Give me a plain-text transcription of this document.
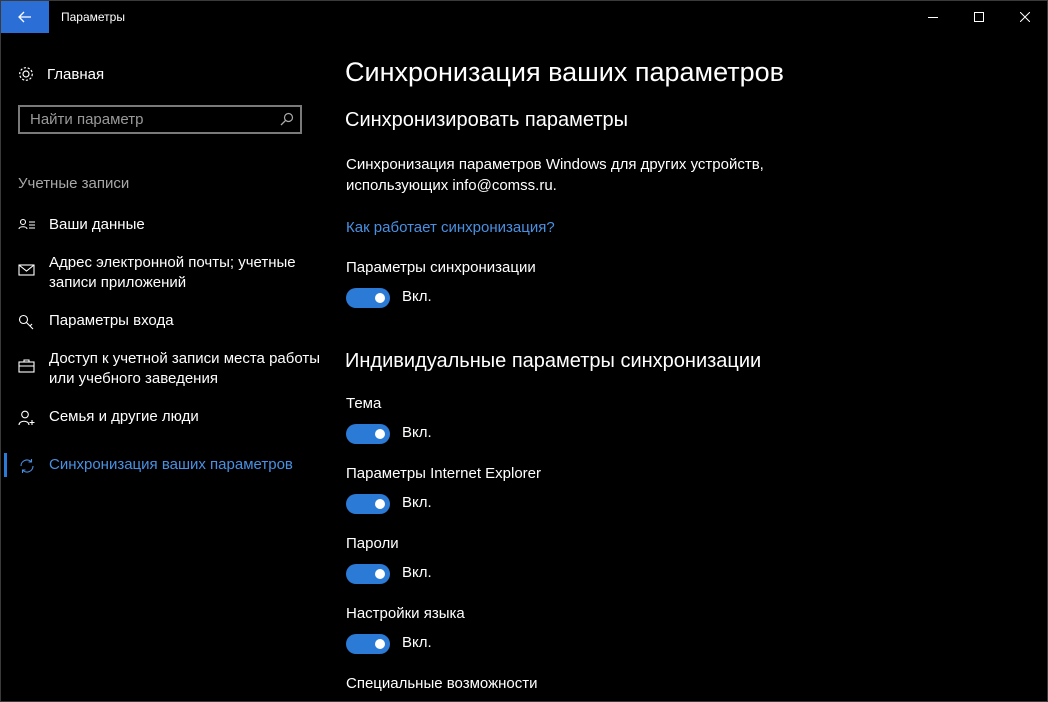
Параметры
Главная
Найти параметр
Учетные записи
Ваши данные
Адрес электронной почты; учетные записи приложений
Параметры входа
Доступ к учетной записи места работы или учебного заведения
Семья и другие люди
Синхронизация ваших параметров
Синхронизация ваших параметров
Синхронизировать параметры
Синхронизация параметров Windows для других устройств, использующих info@comss.ru.
Как работает синхронизация?
Параметры синхронизации
Вкл.
Индивидуальные параметры синхронизации
Тема
Вкл.
Параметры Internet Explorer
Вкл.
Пароли
Вкл.
Настройки языка
Вкл.
Специальные возможности
